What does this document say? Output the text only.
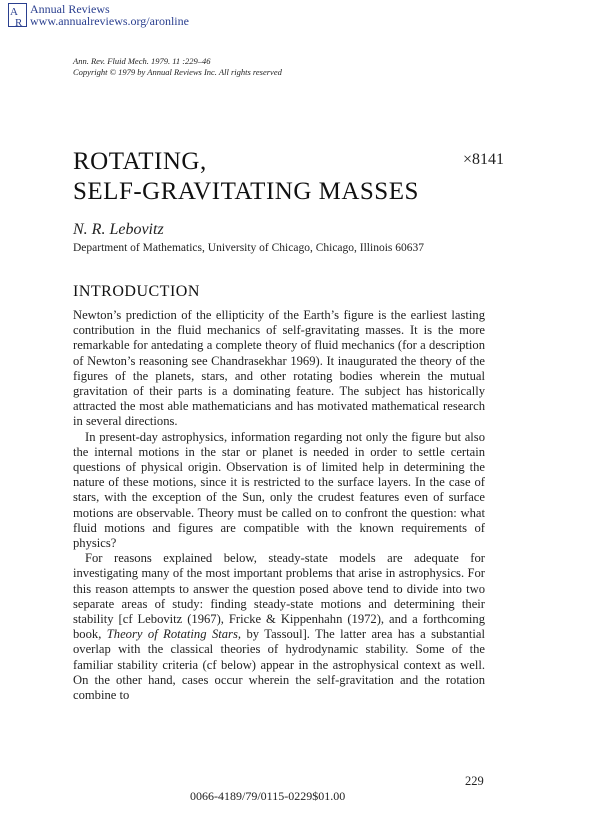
A
R
Annual Reviews
www.annualreviews.org/aronline
Ann. Rev. Fluid Mech. 1979. 11 :229–46
Copyright © 1979 by Annual Reviews Inc. All rights reserved
ROTATING,
SELF-GRAVITATING MASSES
×8141
N. R. Lebovitz
Department of Mathematics, University of Chicago, Chicago, Illinois 60637
INTRODUCTION

Newton’s prediction of the ellipticity of the Earth’s figure is the earliest lasting contribution in the fluid mechanics of self-gravitating masses. It is the more remarkable for antedating a complete theory of fluid mechanics (for a description of Newton’s reasoning see Chandrasekhar 1969). It inaugurated the theory of the figures of the planets, stars, and other rotating bodies wherein the mutual gravitation of their parts is a dominating feature. The subject has historically attracted the most able mathematicians and has motivated mathematical research in several directions.

In present-day astrophysics, information regarding not only the figure but also the internal motions in the star or planet is needed in order to settle certain questions of physical origin. Observation is of limited help in determining the nature of these motions, since it is restricted to the surface layers. In the case of stars, with the exception of the Sun, only the crudest features even of surface motions are observable. Theory must be called on to confront the question: what fluid motions and figures are compatible with the known requirements of physics?

For reasons explained below, steady-state models are adequate for investigating many of the most important problems that arise in astrophysics. For this reason attempts to answer the question posed above tend to divide into two separate areas of study: finding steady-state motions and determining their stability [cf Lebovitz (1967), Fricke & Kippenhahn (1972), and a forthcoming book, Theory of Rotating Stars, by Tassoul]. The latter area has a substantial overlap with the classical theories of hydrodynamic stability. Some of the familiar stability criteria (cf below) appear in the astrophysical context as well. On the other hand, cases occur wherein the self-gravitation and the rotation combine to

229
0066-4189/79/0115-0229$01.00
